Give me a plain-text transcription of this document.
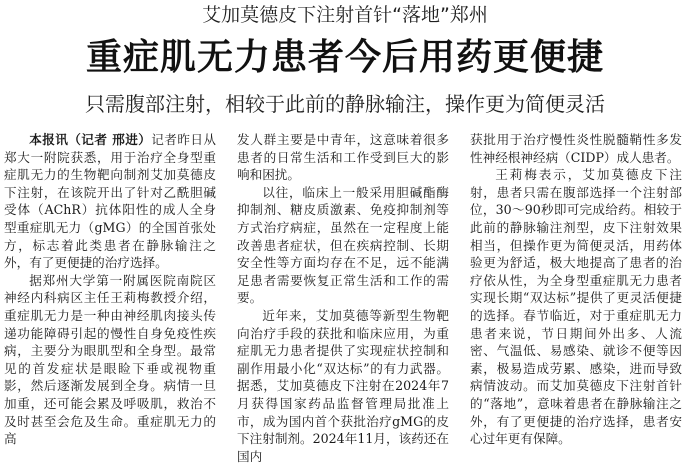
艾加莫德皮下注射首针“落地”郑州
重症肌无力患者今后用药更便捷
只需腹部注射，相较于此前的静脉输注，操作更为简便灵活

本报讯（记者 邢进）记者昨日从郑大一附院获悉，用于治疗全身型重症肌无力的生物靶向制剂艾加莫德皮下注射，在该院开出了针对乙酰胆碱受体（AChR）抗体阳性的成人全身型重症肌无力（gMG）的全国首张处方，标志着此类患者在静脉输注之外，有了更便捷的治疗选择。

据郑州大学第一附属医院南院区神经内科病区主任王莉梅教授介绍，重症肌无力是一种由神经肌肉接头传递功能障碍引起的慢性自身免疫性疾病，主要分为眼肌型和全身型。最常见的首发症状是眼睑下垂或视物重影，然后逐渐发展到全身。病情一旦加重，还可能会累及呼吸肌，救治不及时甚至会危及生命。重症肌无力的高

发人群主要是中青年，这意味着很多患者的日常生活和工作受到巨大的影响和困扰。

以往，临床上一般采用胆碱酯酶抑制剂、糖皮质激素、免疫抑制剂等方式治疗病症，虽然在一定程度上能改善患者症状，但在疾病控制、长期安全性等方面均存在不足，远不能满足患者需要恢复正常生活和工作的需要。

近年来，艾加莫德等新型生物靶向治疗手段的获批和临床应用，为重症肌无力患者提供了实现症状控制和副作用最小化“双达标”的有力武器。据悉，艾加莫德皮下注射在2024年7月获得国家药品监督管理局批准上市，成为国内首个获批治疗gMG的皮下注射制剂。2024年11月，该药还在国内

获批用于治疗慢性炎性脱髓鞘性多发性神经根神经病（CIDP）成人患者。

王莉梅表示，艾加莫德皮下注射，患者只需在腹部选择一个注射部位，30～90秒即可完成给药。相较于此前的静脉输注剂型，皮下注射效果相当，但操作更为简便灵活，用药体验更为舒适，极大地提高了患者的治疗依从性，为全身型重症肌无力患者实现长期“双达标”提供了更灵活便捷的选择。春节临近，对于重症肌无力患者来说，节日期间外出多、人流密、气温低、易感染、就诊不便等因素，极易造成劳累、感染，进而导致病情波动。而艾加莫德皮下注射首针的“落地”，意味着患者在静脉输注之外，有了更便捷的治疗选择，患者安心过年更有保障。
